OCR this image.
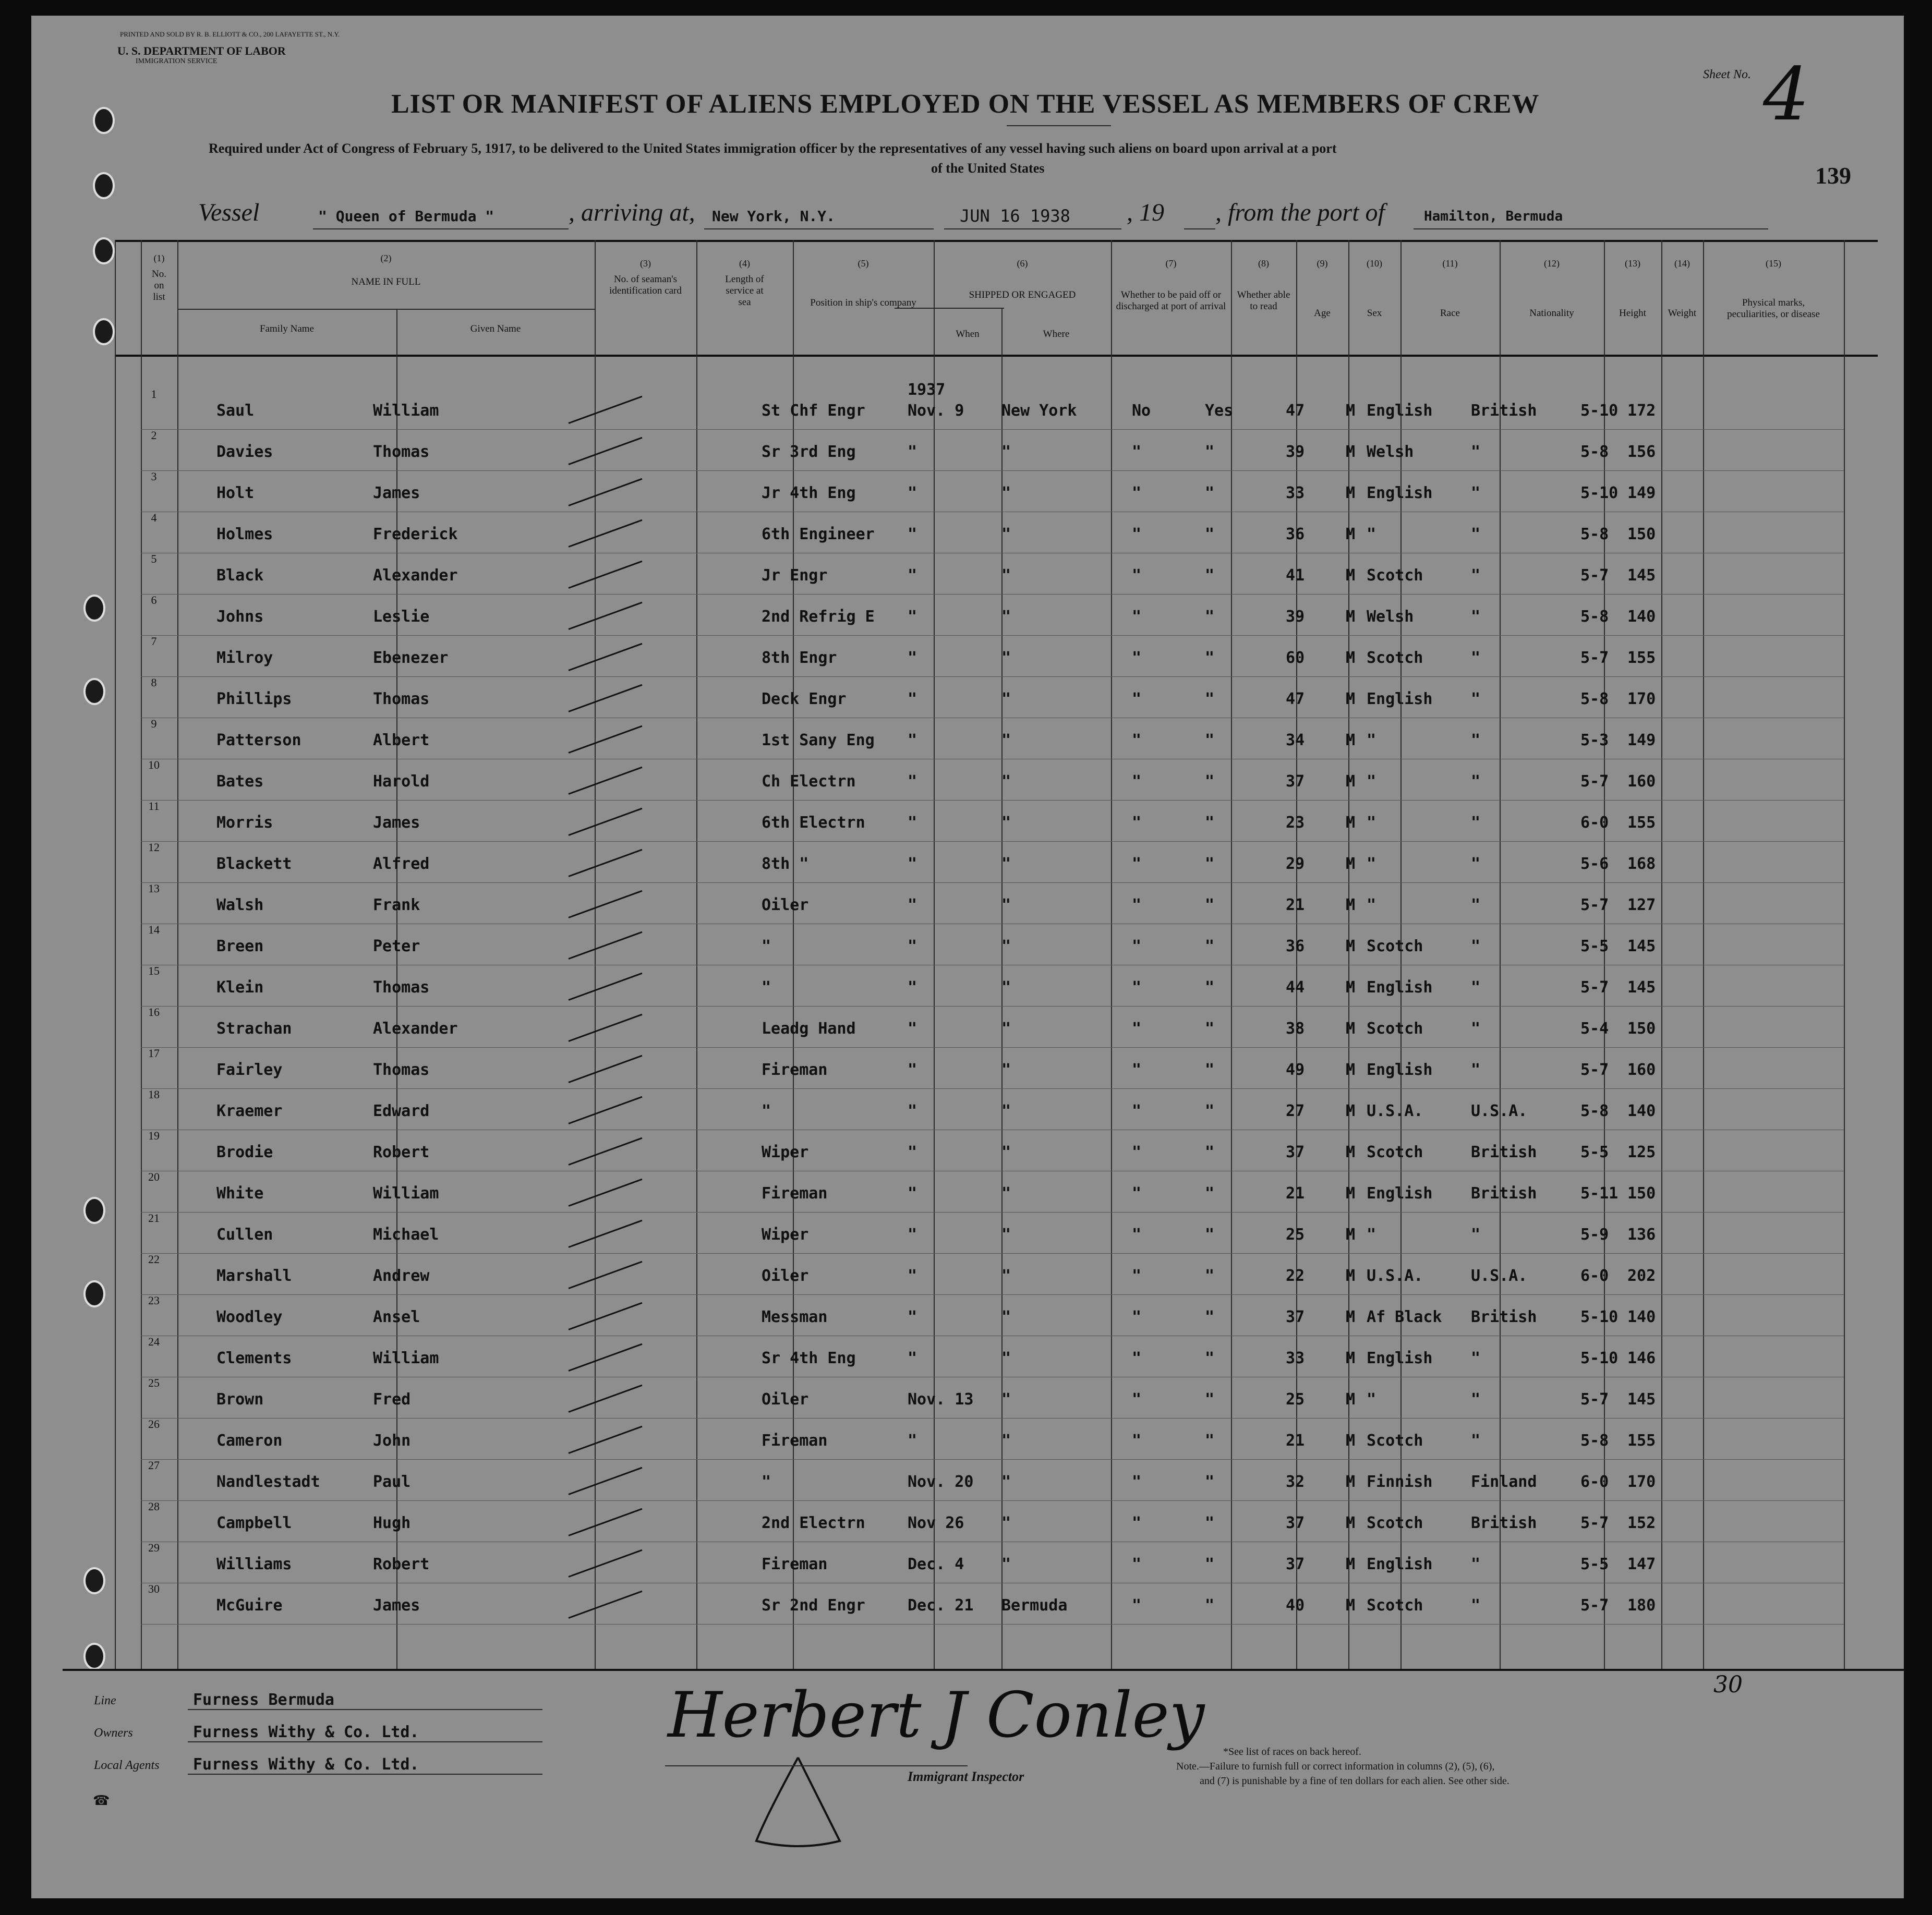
PRINTED AND SOLD BY R. B. ELLIOTT & CO., 200 LAFAYETTE ST., N.Y.
U. S. DEPARTMENT OF LABOR
IMMIGRATION SERVICE
Sheet No. 4
LIST OR MANIFEST OF ALIENS EMPLOYED ON THE VESSEL AS MEMBERS OF CREW
Required under Act of Congress of February 5, 1917, to be delivered to the United States immigration officer by the representatives of any vessel having such aliens on board upon arrival at a port
of the United States	139
Vessel	" Queen of Bermuda "	, arriving at, New York, N.Y.	JUN 16 1938 , 19 , from the port of	Hamilton, Bermuda
(1)
No. on list
(2)
NAME IN FULL
Family Name	Given Name
(3)
No. of seaman's identification card
(4)
Length of service at sea
(5)
Position in ship's company
(6)
SHIPPED OR ENGAGED
When	Where
(7)
Whether to be paid off or discharged at port of arrival
(8)
Whether able to read
(9)
Age
(10)
Sex
(11)
Race
(12)
Nationality
(13)
Height
(14)
Weight
(15)
Physical marks, peculiarities, or disease
1937
1
Saul	William	St Chf Engr	Nov. 9 New York	No	Yes	47	M English British	5-10 172
2
Davies	Thomas	Sr 3rd Eng	"	"	"	"	39	M Welsh	"	5-8 156
3
Holt	James	Jr 4th Eng	"	"	"	"	33	M English "	5-10 149
4
Holmes	Frederick	6th Engineer "	"	"	"	36	M "	"	5-8 150
5
Black	Alexander	Jr Engr	"	"	"	"	41	M Scotch	"	5-7 145
6
Johns	Leslie	2nd Refrig E "	"	"	"	39	M Welsh	"	5-8 140
7
Milroy	Ebenezer	8th Engr	"	"	"	"	60	M Scotch	"	5-7 155
8
Phillips	Thomas	Deck Engr	"	"	"	"	47	M English "	5-8 170
9
Patterson	Albert	1st Sany Eng "	"	"	"	34	M "	"	5-3 149
10
Bates	Harold	Ch Electrn	"	"	"	"	37	M "	"	5-7 160
11
Morris	James	6th Electrn	"	"	"	"	23	M "	"	6-0 155
12
Blackett	Alfred	8th "	"	"	"	"	29	M "	"	5-6 168
13
Walsh	Frank	Oiler	"	"	"	"	21	M "	"	5-7 127
14
Breen	Peter	"	"	"	"	"	36	M Scotch	"	5-5 145
15
Klein	Thomas	"	"	"	"	"	44	M English "	5-7 145
16
Strachan	Alexander	Leadg Hand	"	"	"	"	38	M Scotch	"	5-4 150
17
Fairley	Thomas	Fireman	"	"	"	"	49	M English "	5-7 160
18
Kraemer	Edward	"	"	"	"	"	27	M U.S.A.	U.S.A.	5-8 140
19
Brodie	Robert	Wiper	"	"	"	"	37	M Scotch	British	5-5 125
20
White	William	Fireman	"	"	"	"	21	M English British	5-11 150
21
Cullen	Michael	Wiper	"	"	"	"	25	M "	"	5-9 136
22
Marshall	Andrew	Oiler	"	"	"	"	22	M U.S.A.	U.S.A.	6-0 202
23
Woodley	Ansel	Messman	"	"	"	"	37	M Af Black British	5-10 140
24
Clements	William	Sr 4th Eng	"	"	"	"	33	M English "	5-10 146
25
Brown	Fred	Oiler	Nov. 13 "	"	"	25	M "	"	5-7 145
26
Cameron	John	Fireman	"	"	"	"	21	M Scotch	"	5-8 155
27
Nandlestadt	Paul	"	Nov. 20 "	"	"	32	M Finnish Finland	6-0 170
28
Campbell	Hugh	2nd Electrn	Nov 26 "	"	"	37	M Scotch	British	5-7 152
29
Williams	Robert	Fireman	Dec. 4 "	"	"	37	M English "	5-5 147
30
McGuire	James	Sr 2nd Engr	Dec. 21 Bermuda	"	"	40	M Scotch	"	5-7 180
30
Line	Furness Bermuda
Owners	Furness Withy & Co. Ltd.
Local Agents Furness Withy & Co. Ltd.
☎
Herbert J Conley
Immigrant Inspector
*See list of races on back hereof.
Note.—Failure to furnish full or correct information in columns (2), (5), (6),
and (7) is punishable by a fine of ten dollars for each alien. See other side.
